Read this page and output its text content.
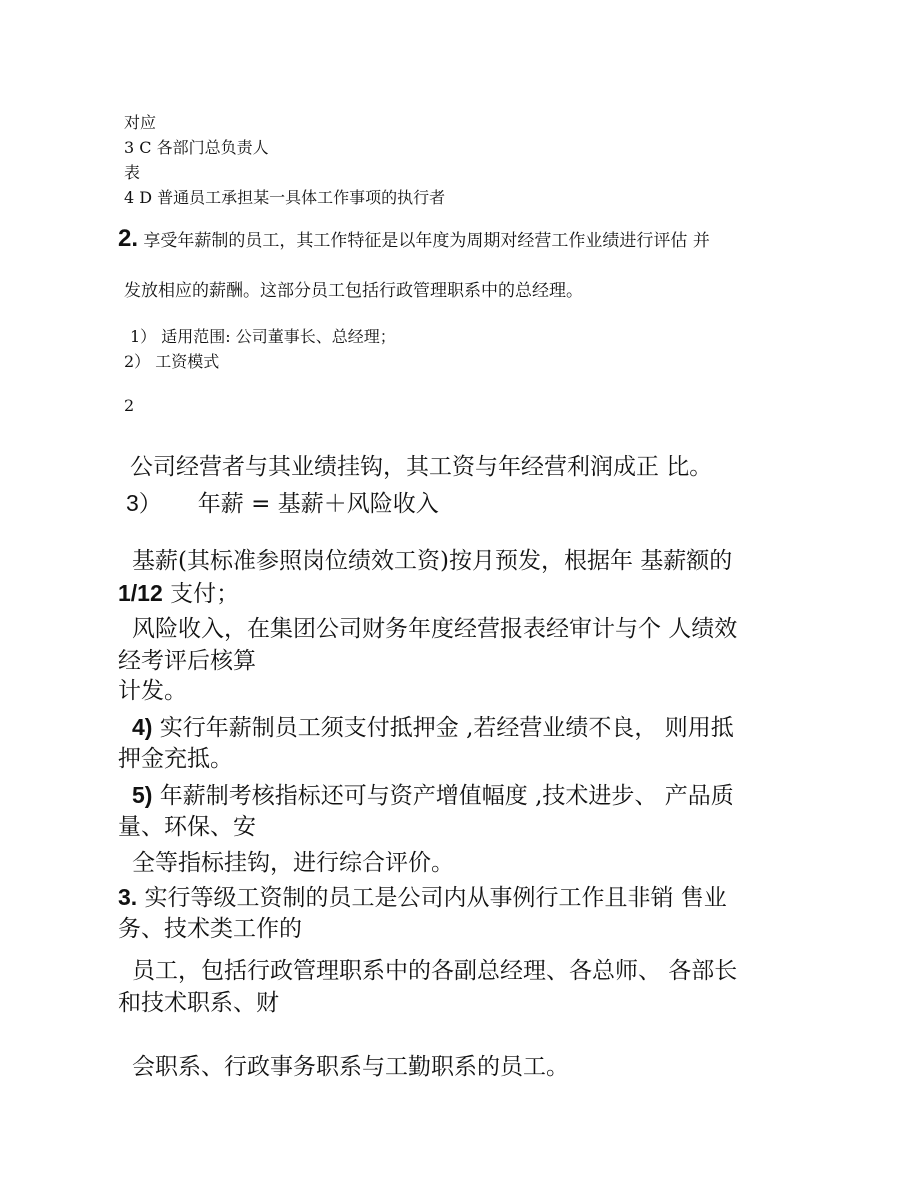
对应

3 C 各部门总负责人

表

4 D 普通员工承担某一具体工作事项的执行者

2. 享受年薪制的员工，其工作特征是以年度为周期对经营工作业绩进行评估 并

发放相应的薪酬。这部分员工包括行政管理职系中的总经理。

1） 适用范围: 公司董事长、总经理；

2） 工资模式

2

公司经营者与其业绩挂钩，其工资与年经营利润成正 比。

3） 年薪 = 基薪＋风险收入

基薪(其标准参照岗位绩效工资)按月预发，根据年 基薪额的

1/12 支付；

风险收入，在集团公司财务年度经营报表经审计与个 人绩效

经考评后核算

计发。

4) 实行年薪制员工须支付抵押金 ,若经营业绩不良， 则用抵

押金充抵。

5) 年薪制考核指标还可与资产增值幅度 ,技术进步、 产品质

量、环保、安

全等指标挂钩，进行综合评价。

3. 实行等级工资制的员工是公司内从事例行工作且非销 售业

务、技术类工作的

员工，包括行政管理职系中的各副总经理、各总师、 各部长

和技术职系、财

会职系、行政事务职系与工勤职系的员工。
